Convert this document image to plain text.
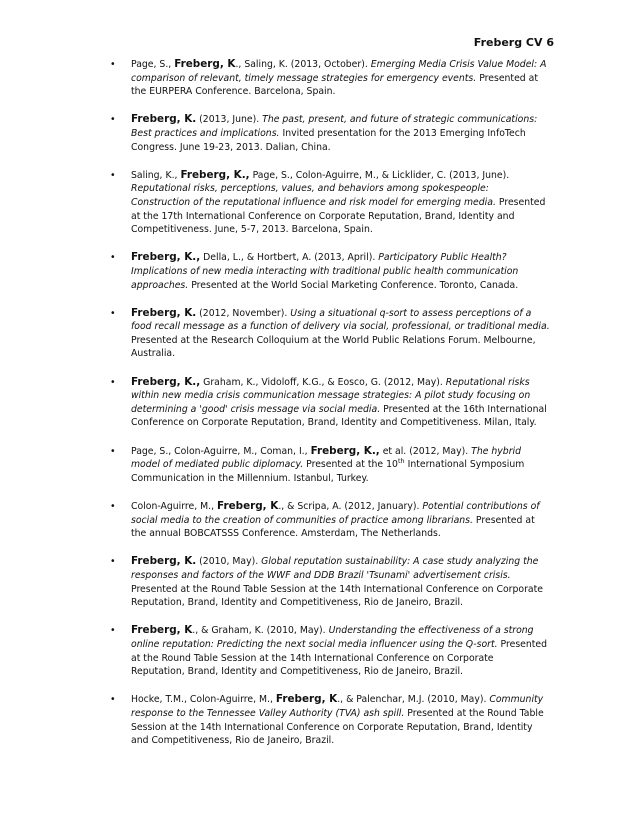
Freberg CV 6
• Page, S., Freberg, K., Saling, K. (2013, October). Emerging Media Crisis Value Model: A comparison of relevant, timely message strategies for emergency events. Presented at the EURPERA Conference. Barcelona, Spain.
• Freberg, K. (2013, June). The past, present, and future of strategic communications: Best practices and implications. Invited presentation for the 2013 Emerging InfoTech Congress. June 19-23, 2013. Dalian, China.
• Saling, K., Freberg, K., Page, S., Colon-Aguirre, M., & Licklider, C. (2013, June). Reputational risks, perceptions, values, and behaviors among spokespeople: Construction of the reputational influence and risk model for emerging media. Presented at the 17th International Conference on Corporate Reputation, Brand, Identity and Competitiveness. June, 5-7, 2013. Barcelona, Spain.
• Freberg, K., Della, L., & Hortbert, A. (2013, April). Participatory Public Health? Implications of new media interacting with traditional public health communication approaches. Presented at the World Social Marketing Conference. Toronto, Canada.
• Freberg, K. (2012, November). Using a situational q-sort to assess perceptions of a food recall message as a function of delivery via social, professional, or traditional media. Presented at the Research Colloquium at the World Public Relations Forum. Melbourne, Australia.
• Freberg, K., Graham, K., Vidoloff, K.G., & Eosco, G. (2012, May). Reputational risks within new media crisis communication message strategies: A pilot study focusing on determining a 'good' crisis message via social media. Presented at the 16th International Conference on Corporate Reputation, Brand, Identity and Competitiveness. Milan, Italy.
• Page, S., Colon-Aguirre, M., Coman, I., Freberg, K., et al. (2012, May). The hybrid model of mediated public diplomacy. Presented at the 10th International Symposium Communication in the Millennium. Istanbul, Turkey.
• Colon-Aguirre, M., Freberg, K., & Scripa, A. (2012, January). Potential contributions of social media to the creation of communities of practice among librarians. Presented at the annual BOBCATSSS Conference. Amsterdam, The Netherlands.
• Freberg, K. (2010, May). Global reputation sustainability: A case study analyzing the responses and factors of the WWF and DDB Brazil 'Tsunami' advertisement crisis. Presented at the Round Table Session at the 14th International Conference on Corporate Reputation, Brand, Identity and Competitiveness, Rio de Janeiro, Brazil.
• Freberg, K., & Graham, K. (2010, May). Understanding the effectiveness of a strong online reputation: Predicting the next social media influencer using the Q-sort. Presented at the Round Table Session at the 14th International Conference on Corporate Reputation, Brand, Identity and Competitiveness, Rio de Janeiro, Brazil.
• Hocke, T.M., Colon-Aguirre, M., Freberg, K., & Palenchar, M.J. (2010, May). Community response to the Tennessee Valley Authority (TVA) ash spill. Presented at the Round Table Session at the 14th International Conference on Corporate Reputation, Brand, Identity and Competitiveness, Rio de Janeiro, Brazil.
